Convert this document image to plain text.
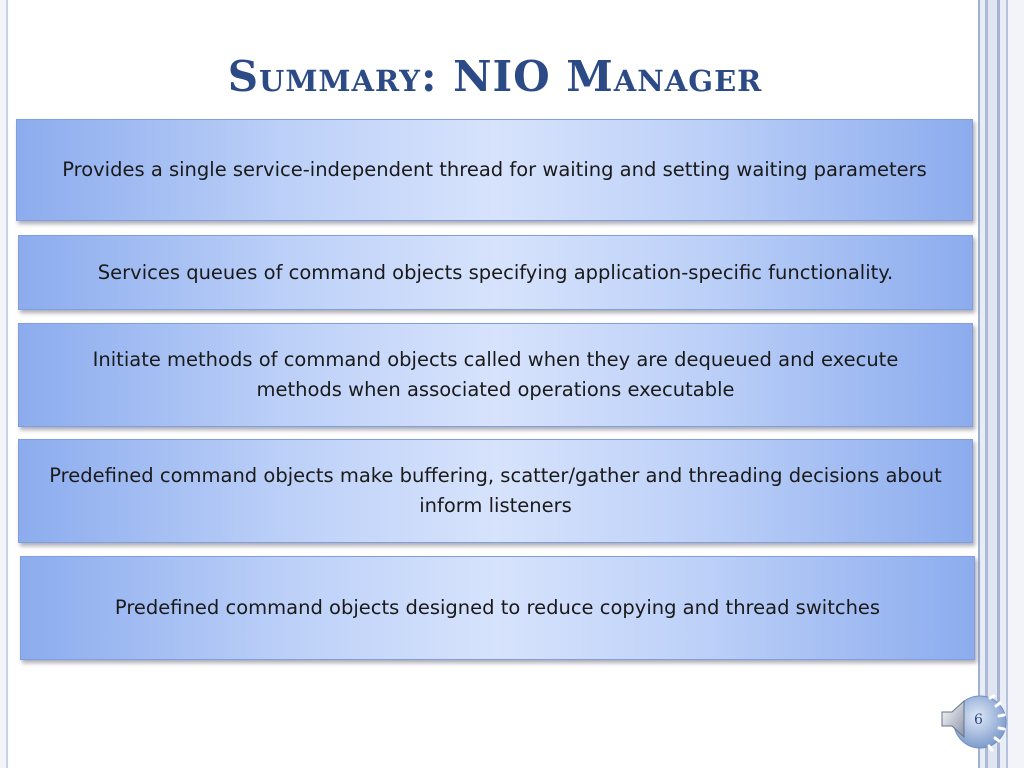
Summary: NIO Manager
Provides a single service-independent thread for waiting and setting waiting parameters
Services queues of command objects specifying application-specific functionality.
Initiate methods of command objects called when they are dequeued and execute methods when associated operations executable
Predefined command objects make buffering, scatter/gather and threading decisions about inform listeners
Predefined command objects designed to reduce copying and thread switches
6
